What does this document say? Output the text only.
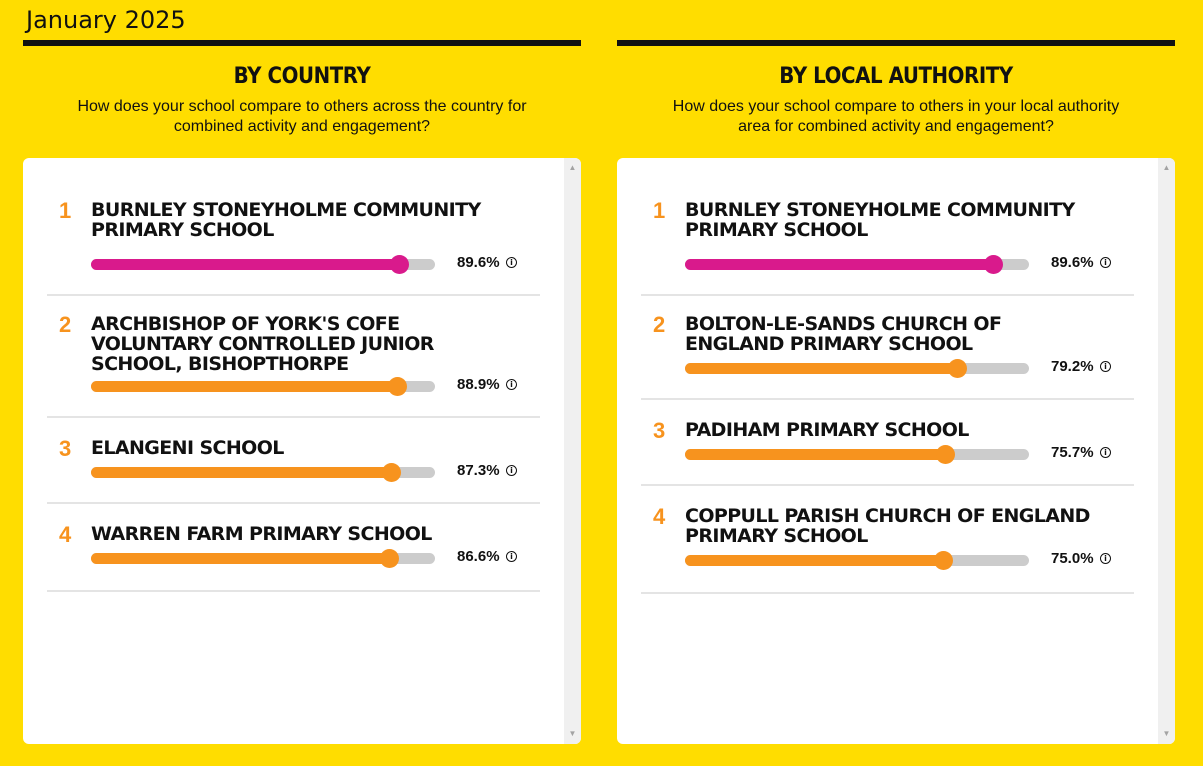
January 2025
BY COUNTRY
How does your school compare to others across the country for combined activity and engagement?
1 BURNLEY STONEYHOLME COMMUNITY PRIMARY SCHOOL
89.6%	i
2 ARCHBISHOP OF YORK'S COFE VOLUNTARY CONTROLLED JUNIOR SCHOOL, BISHOPTHORPE
88.9%	i
3 ELANGENI SCHOOL
87.3%	i
4 WARREN FARM PRIMARY SCHOOL
86.6%	i
▲
▼
BY LOCAL AUTHORITY
How does your school compare to others in your local authority area for combined activity and engagement?
1 BURNLEY STONEYHOLME COMMUNITY PRIMARY SCHOOL
89.6%	i
2 BOLTON-LE-SANDS CHURCH OF ENGLAND PRIMARY SCHOOL
79.2%	i
3 PADIHAM PRIMARY SCHOOL
75.7%	i
4 COPPULL PARISH CHURCH OF ENGLAND PRIMARY SCHOOL
75.0%	i
▲
▼
